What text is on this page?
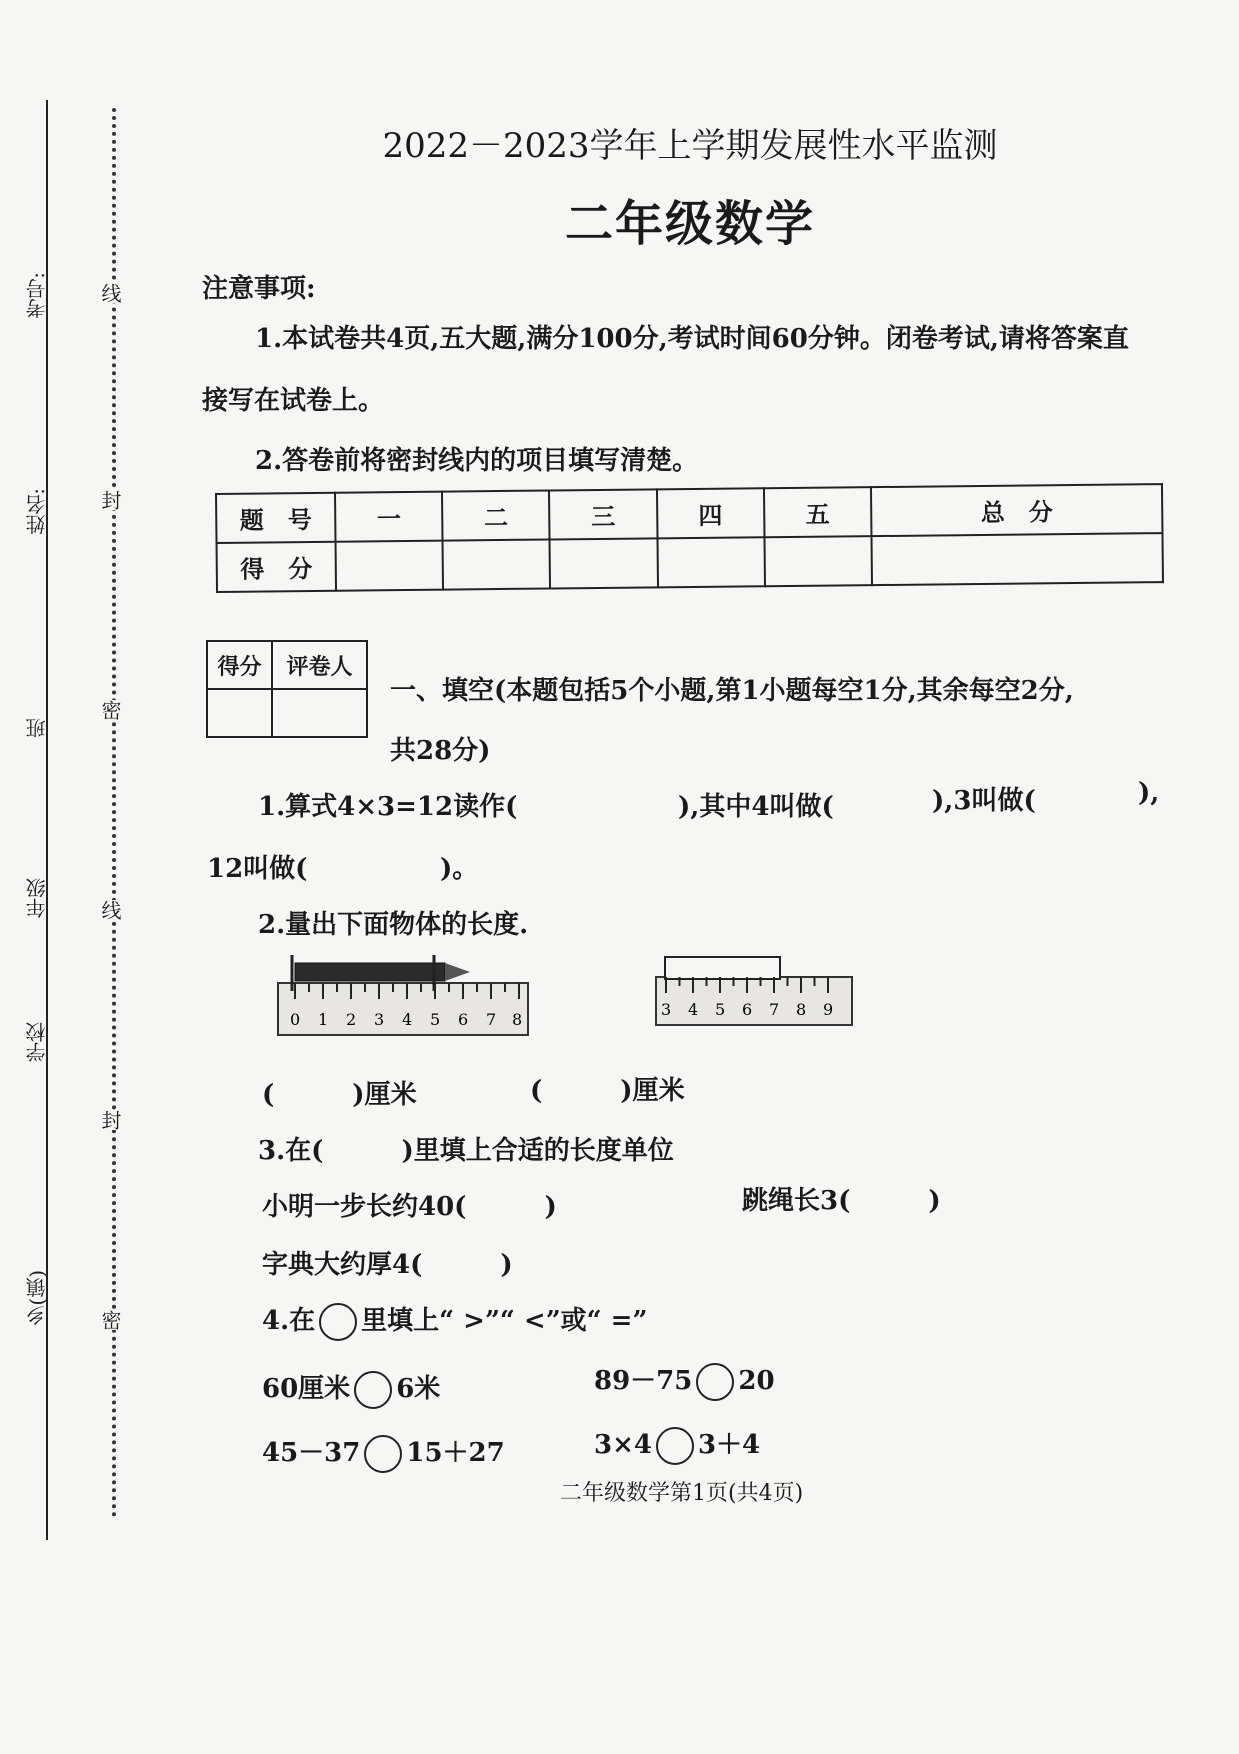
考号:
姓名:
班
年级
学校
乡(镇)
线
封
密
线
封
密
2022－2023学年上学期发展性水平监测
二年级数学
注意事项:
1.本试卷共4页,五大题,满分100分,考试时间60分钟。闭卷考试,请将答案直
接写在试卷上。
2.答卷前将密封线内的项目填写清楚。
题　号	一	二	三	四	五	总　分
得　分						
得分	评卷人

一、填空(本题包括5个小题,第1小题每空1分,其余每空2分,
共28分)
1.算式4×3=12读作(	),其中4叫做(	),3叫做(	),
12叫做(	)。
2.量出下面物体的长度.
0 1 2 3 4 5 6 7 8
3 4 5 6 7 8 9
(　　　)厘米	(　　　)厘米
3.在(　　　)里填上合适的长度单位
小明一步长约40(　　　)	跳绳长3(　　　)
字典大约厚4(　　　)
4.在 里填上“ >”“ <”或“ =”
60厘米 6米	89－75 20
45－37 15＋27	3×4 3＋4
二年级数学第1页(共4页)
